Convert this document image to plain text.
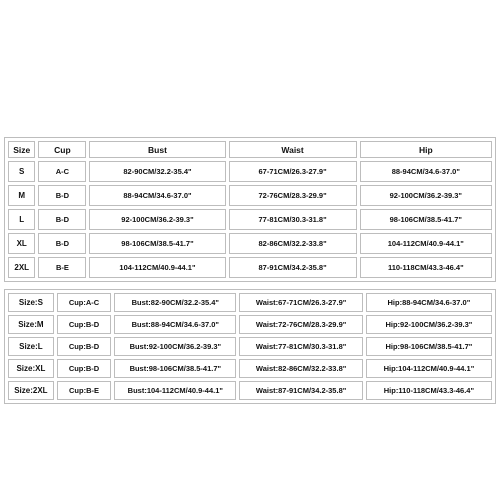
Size	Cup	Bust	Waist	Hip
S	A-C	82-90CM/32.2-35.4"	67-71CM/26.3-27.9"	88-94CM/34.6-37.0"
M	B-D	88-94CM/34.6-37.0"	72-76CM/28.3-29.9"	92-100CM/36.2-39.3"
L	B-D	92-100CM/36.2-39.3"	77-81CM/30.3-31.8"	98-106CM/38.5-41.7"
XL	B-D	98-106CM/38.5-41.7"	82-86CM/32.2-33.8"	104-112CM/40.9-44.1"
2XL	B-E	104-112CM/40.9-44.1"	87-91CM/34.2-35.8"	110-118CM/43.3-46.4"
Size:S	Cup:A-C	Bust:82-90CM/32.2-35.4"	Waist:67-71CM/26.3-27.9"	Hip:88-94CM/34.6-37.0"
Size:M	Cup:B-D	Bust:88-94CM/34.6-37.0"	Waist:72-76CM/28.3-29.9"	Hip:92-100CM/36.2-39.3"
Size:L	Cup:B-D	Bust:92-100CM/36.2-39.3"	Waist:77-81CM/30.3-31.8"	Hip:98-106CM/38.5-41.7"
Size:XL	Cup:B-D	Bust:98-106CM/38.5-41.7"	Waist:82-86CM/32.2-33.8"	Hip:104-112CM/40.9-44.1"
Size:2XL	Cup:B-E	Bust:104-112CM/40.9-44.1"	Waist:87-91CM/34.2-35.8"	Hip:110-118CM/43.3-46.4"
